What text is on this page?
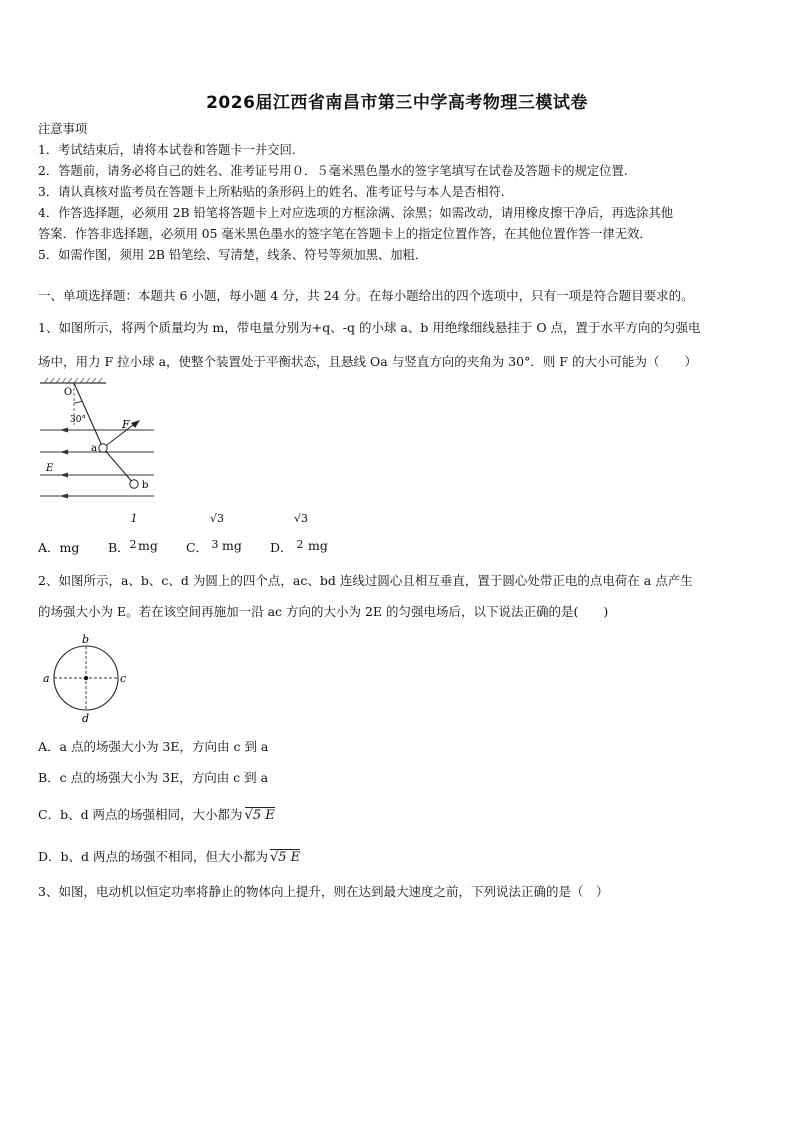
2026届江西省南昌市第三中学高考物理三模试卷
注意事项
1．考试结束后，请将本试卷和答题卡一并交回.
2．答题前，请务必将自己的姓名、准考证号用０．５毫米黑色墨水的签字笔填写在试卷及答题卡的规定位置.
3．请认真核对监考员在答题卡上所粘贴的条形码上的姓名、准考证号与本人是否相符.
4．作答选择题，必须用 2B 铅笔将答题卡上对应选项的方框涂满、涂黑；如需改动，请用橡皮擦干净后，再选涂其他
答案．作答非选择题，必须用 05 毫米黑色墨水的签字笔在答题卡上的指定位置作答，在其他位置作答一律无效．
5．如需作图，须用 2B 铅笔绘、写清楚，线条、符号等须加黑、加粗．
一、单项选择题：本题共 6 小题，每小题 4 分，共 24 分。在每小题给出的四个选项中，只有一项是符合题目要求的。
1、如图所示，将两个质量均为 m，带电量分别为+q、-q 的小球 a、b 用绝缘细线悬挂于 O 点，置于水平方向的匀强电
场中，用力 F 拉小球 a，使整个装置处于平衡状态，且悬线 Oa 与竖直方向的夹角为 30°．则 F 的大小可能为（　　）
O
30°	F
a
E
b
A．mg B．
1
2 mg C．
√3
3 mg D．
√3
2 mg
2、如图所示，a、b、c、d 为圆上的四个点，ac、bd 连线过圆心且相互垂直，置于圆心处带正电的点电荷在 a 点产生
的场强大小为 E。若在该空间再施加一沿 ac 方向的大小为 2E 的匀强电场后，以下说法正确的是(　　)
a
b
c
d
A．a 点的场强大小为 3E，方向由 c 到 a
B．c 点的场强大小为 3E，方向由 c 到 a
C．b、d 两点的场强相同，大小都为 √5 E
D．b、d 两点的场强不相同，但大小都为 √5 E
3、如图，电动机以恒定功率将静止的物体向上提升，则在达到最大速度之前，下列说法正确的是（　）
